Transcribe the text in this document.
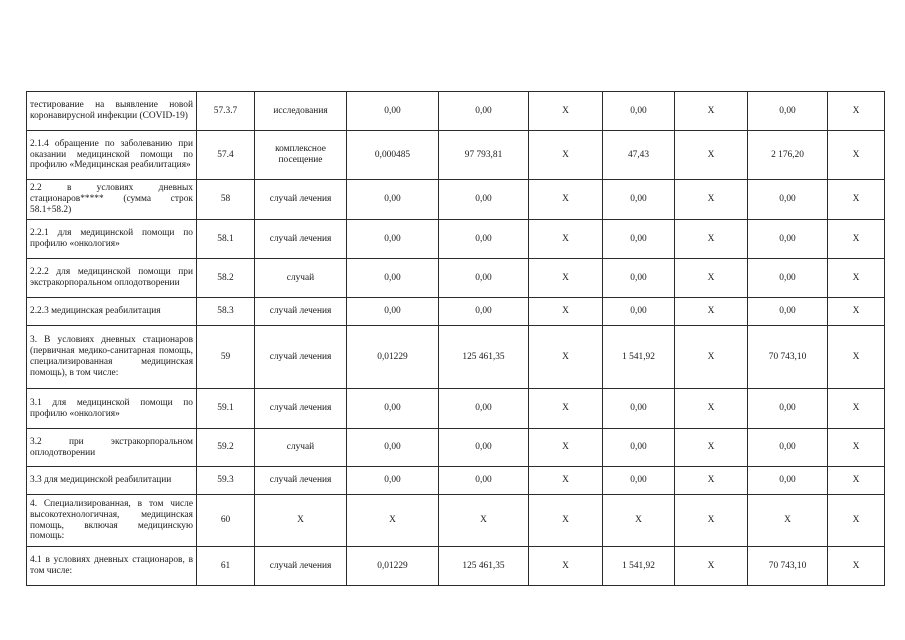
тестирование на выявление новой коронавирусной инфекции (COVID-19)	57.3.7	исследования	0,00	0,00	X	0,00	X	0,00	X
2.1.4 обращение по заболеванию при оказании медицинской помощи по профилю «Медицинская реабилитация»	57.4	комплексное посещение	0,000485	97 793,81	X	47,43	X	2 176,20	X
2.2 в условиях дневных стационаров***** (сумма строк 58.1+58.2)	58	случай лечения	0,00	0,00	X	0,00	X	0,00	X
2.2.1 для медицинской помощи по профилю «онкология»	58.1	случай лечения	0,00	0,00	X	0,00	X	0,00	X
2.2.2 для медицинской помощи при экстракорпоральном оплодотворении	58.2	случай	0,00	0,00	X	0,00	X	0,00	X
2.2.3 медицинская реабилитация	58.3	случай лечения	0,00	0,00	X	0,00	X	0,00	X
3. В условиях дневных стационаров (первичная медико-санитарная помощь, специализированная медицинская помощь), в том числе:	59	случай лечения	0,01229	125 461,35	X	1 541,92	X	70 743,10	X
3.1 для медицинской помощи по профилю «онкология»	59.1	случай лечения	0,00	0,00	X	0,00	X	0,00	X
3.2 при экстракорпоральном оплодотворении	59.2	случай	0,00	0,00	X	0,00	X	0,00	X
3.3 для медицинской реабилитации	59.3	случай лечения	0,00	0,00	X	0,00	X	0,00	X
4. Специализированная, в том числе высокотехнологичная, медицинская помощь, включая медицинскую помощь:	60	X	X	X	X	X	X	X	X
4.1 в условиях дневных стационаров, в том числе:	61	случай лечения	0,01229	125 461,35	X	1 541,92	X	70 743,10	X
